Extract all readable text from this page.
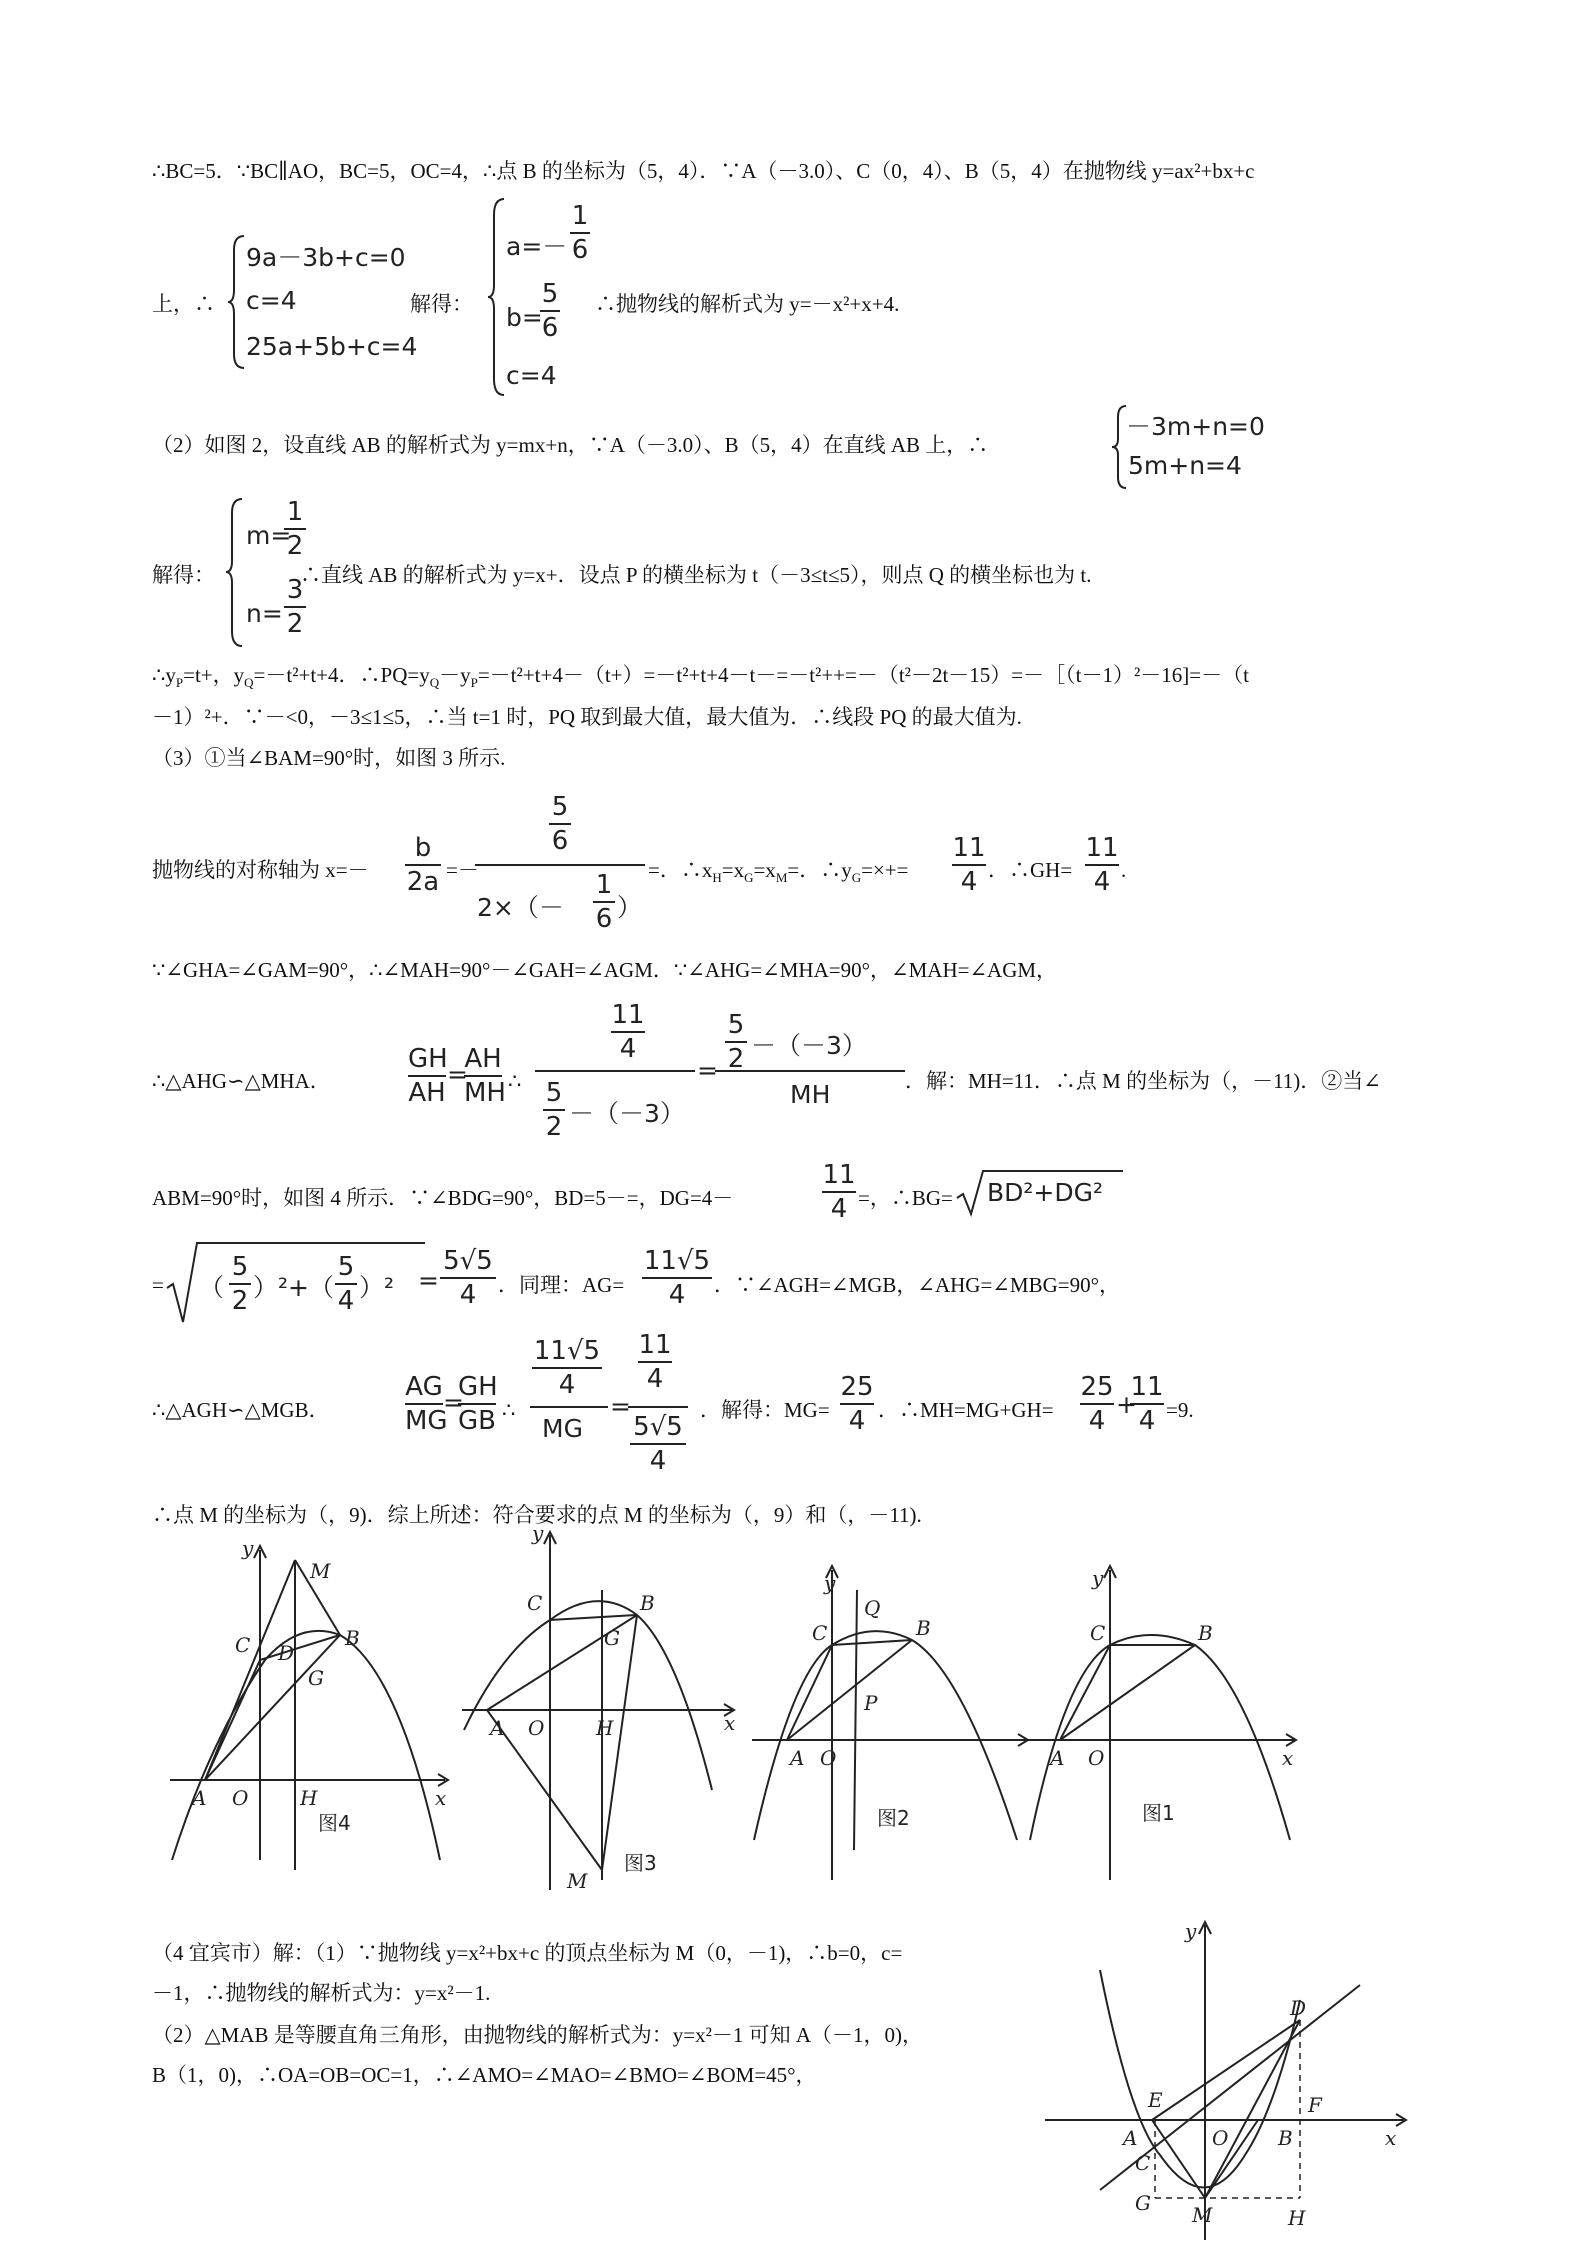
∴BC=5．∵BC∥AO，BC=5，OC=4，∴点 B 的坐标为（5，4）．∵A（－3.0）、C（0，4）、B（5，4）在抛物线 y=ax²+bx+c
上，∴
9a－3b+c=0
c=4
25a+5b+c=4
解得：
a=－
1
6
b=
5
6
c=4
∴抛物线的解析式为 y=－x²+x+4.
（2）如图 2，设直线 AB 的解析式为 y=mx+n，∵A（－3.0）、B（5，4）在直线 AB 上，∴
－3m+n=0
5m+n=4
解得：
m=
1
2
n=
3
2
∴直线 AB 的解析式为 y=x+．设点 P 的横坐标为 t（－3≤t≤5），则点 Q 的横坐标也为 t.
$\therefore y_P=t+$，$y_Q=-t^2+t+4$．$\therefore PQ=y_Q-y_P=-t^2+t+4-(t+)=-t^2+t+4-t-=-t^2++=-(t^2-2t-15)=-[(t-1)^2-16]=-(t$
－1）²+．∵－<0，－3≤1≤5，∴当 t=1 时，PQ 取到最大值，最大值为．∴线段 PQ 的最大值为.
（3）①当∠BAM=90°时，如图 3 所示.
抛物线的对称轴为 x=－
b
2a =－
5
6
2×（－
1
6 ）
=．$\therefore x_H=x_G=x_M=$．$\therefore y_G=\times+=$
11
4 ．∴GH=
11
4 .
∵∠GHA=∠GAM=90°，∴∠MAH=90°－∠GAH=∠AGM．∵∠AHG=∠MHA=90°，∠MAH=∠AGM，
∴△AHG∽△MHA．
GH
AH
=
AH
MH ∴
11
4
5
2 －（－3）
=
5
2 －（－3）
MH	．解：MH=11．∴点 M 的坐标为（，－11)．②当∠
ABM=90°时，如图 4 所示．∵∠BDG=90°，BD=5－=，DG=4－
11
4 =，∴BG= BD²+DG²
= （
5
2 ）²+（
5
4 ）² =
5√5
4	．同理：AG=
11√5
4	．∵∠AGH=∠MGB，∠AHG=∠MBG=90°，
∴△AGH∽△MGB．
AG
MG
=
GH
GB ∴
11√5
4
MG
=
11
4
5√5
4
．解得：MG=
25
4 ．∴MH=MG+GH=
25
4
+
11
4 =9.
∴点 M 的坐标为（，9)．综上所述：符合要求的点 M 的坐标为（，9）和（，－11).
y
M
C	B
D
G
A O	H	x
图4
y
C	B
G
A O	H	x
M
图3
y
Q
C	B
P
A O
图2
y
C	B
A O	x
图1
（4 宜宾市）解：（1）∵抛物线 y=x²+bx+c 的顶点坐标为 M（0，－1)，∴b=0，c=
－1，∴抛物线的解析式为：y=x²－1.
（2）△MAB 是等腰直角三角形，由抛物线的解析式为：y=x²－1 可知 A（－1，0)，
B（1，0)，∴OA=OB=OC=1，∴∠AMO=∠MAO=∠BMO=∠BOM=45°，
y
D
E	F
A	O B	x
C
G M	H
